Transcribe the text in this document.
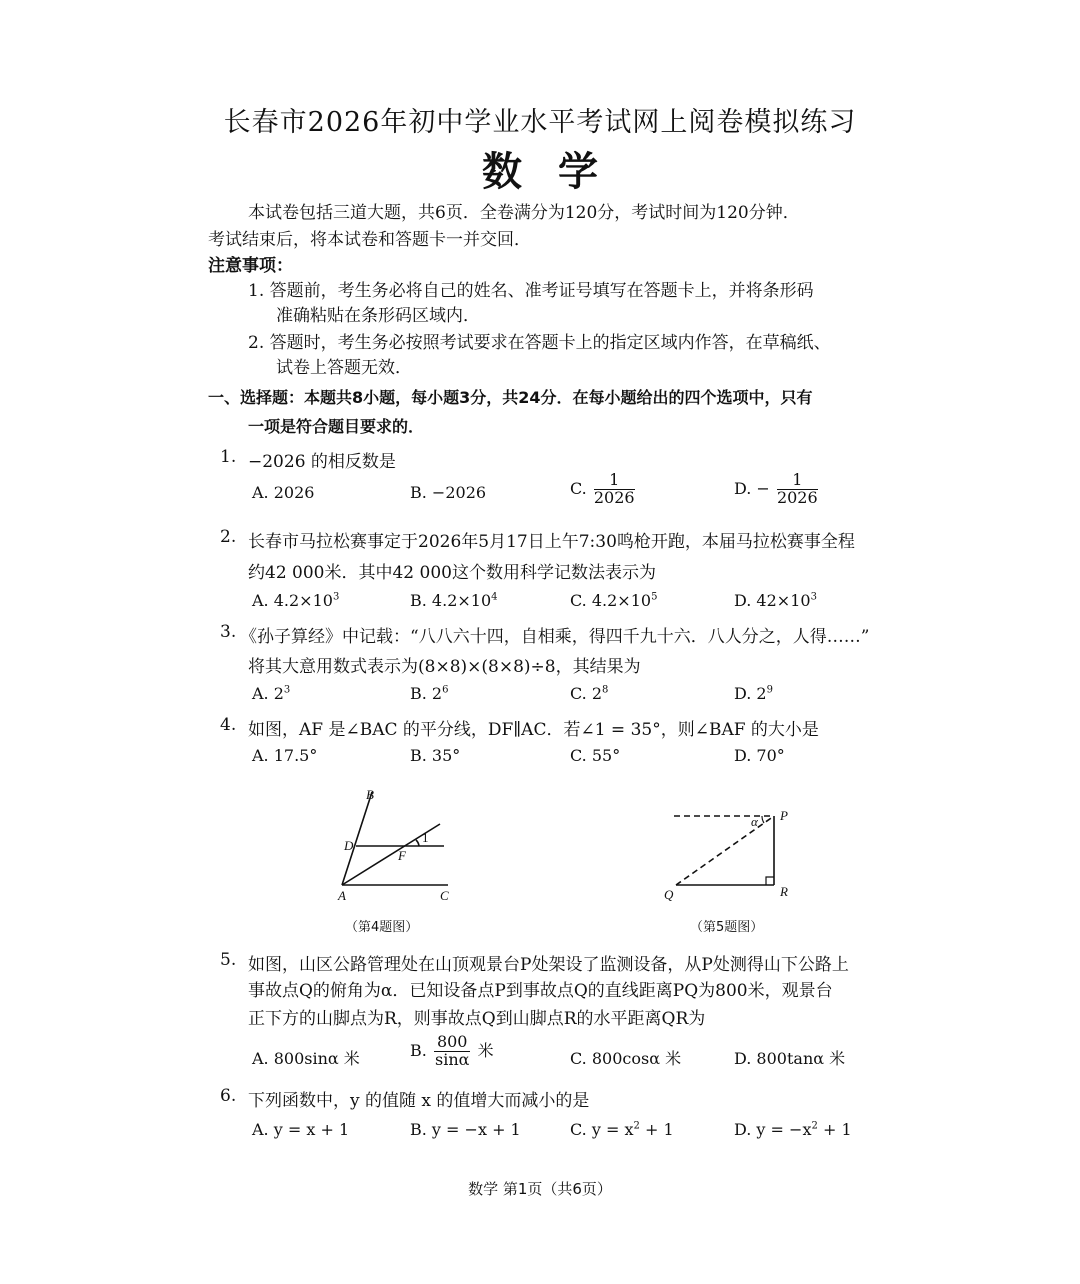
长春市2026年初中学业水平考试网上阅卷模拟练习
数学
本试卷包括三道大题，共6页．全卷满分为120分，考试时间为120分钟．
考试结束后，将本试卷和答题卡一并交回．
注意事项：
1. 答题前，考生务必将自己的姓名、准考证号填写在答题卡上，并将条形码
准确粘贴在条形码区域内．
2. 答题时，考生务必按照考试要求在答题卡上的指定区域内作答，在草稿纸、
试卷上答题无效．
一、选择题：本题共8小题，每小题3分，共24分．在每小题给出的四个选项中，只有
一项是符合题目要求的．
1. −2026 的相反数是
A. 2026	B. −2026	C. $\frac{1}{2026}$	D. − $\frac{1}{2026}$
2. 长春市马拉松赛事定于2026年5月17日上午7:30鸣枪开跑，本届马拉松赛事全程
约42 000米．其中42 000这个数用科学记数法表示为
A. $4.2\times 10^3$	B. $4.2\times 10^4$	C. $4.2\times 10^5$	D. $42\times 10^3$
3. 《孙子算经》中记载：“八八六十四，自相乘，得四千九十六．八人分之，人得……”
将其大意用数式表示为(8×8)×(8×8)÷8，其结果为
A. $2^3$	B. $2^6$	C. $2^8$	D. $2^9$
4. 如图，AF 是∠BAC 的平分线，DF∥AC．若∠1 = 35°，则∠BAF 的大小是
A. 17.5°	B. 35°	C. 55°	D. 70°
B
D
F
A	C
1
（第4题图）
α P
Q	R
（第5题图）
5. 如图，山区公路管理处在山顶观景台P处架设了监测设备，从P处测得山下公路上
事故点Q的俯角为α．已知设备点P到事故点Q的直线距离PQ为800米，观景台
正下方的山脚点为R，则事故点Q到山脚点R的水平距离QR为
A. 800sinα 米	B. $\frac{800}{\sin\alpha}$ 米	C. 800cosα 米	D. 800tanα 米
6. 下列函数中，y 的值随 x 的值增大而减小的是
A. y = x + 1	B. y = −x + 1	C. $y = x^2 + 1$	D. $y = -x^2 + 1$
数学 第1页（共6页）
